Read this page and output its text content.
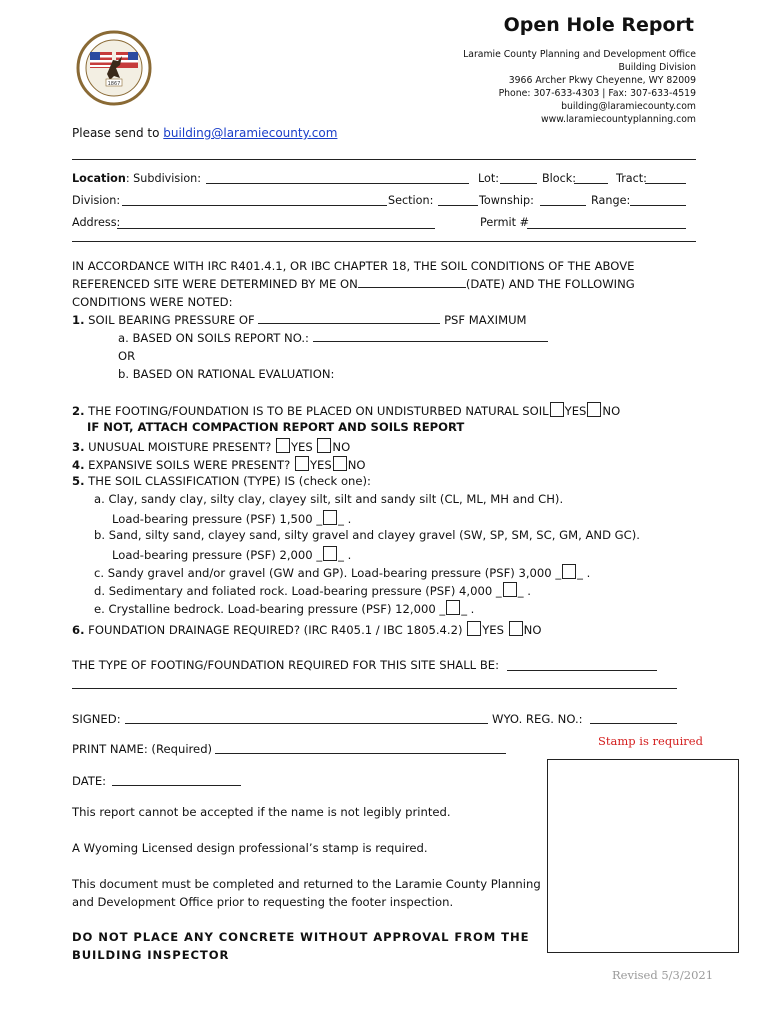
1867
Open Hole Report
Laramie County Planning and Development Office
Building Division
3966 Archer Pkwy Cheyenne, WY 82009
Phone: 307-633-4303 | Fax: 307-633-4519
building@laramiecounty.com
www.laramiecountyplanning.com
Please send to building@laramiecounty.com
Location: Subdivision:	Lot:	Block:	Tract:
Division:	Section:	Township:	Range:
Address:	Permit #
IN ACCORDANCE WITH IRC R401.4.1, OR IBC CHAPTER 18, THE SOIL CONDITIONS OF THE ABOVE
REFERENCED SITE WERE DETERMINED BY ME ON	(DATE) AND THE FOLLOWING
CONDITIONS WERE NOTED:
1. SOIL BEARING PRESSURE OF	PSF MAXIMUM
a. BASED ON SOILS REPORT NO.:
OR
b. BASED ON RATIONAL EVALUATION:
2. THE FOOTING/FOUNDATION IS TO BE PLACED ON UNDISTURBED NATURAL SOIL YES NO
IF NOT, ATTACH COMPACTION REPORT AND SOILS REPORT
3. UNUSUAL MOISTURE PRESENT? YES NO
4. EXPANSIVE SOILS WERE PRESENT? YES NO
5. THE SOIL CLASSIFICATION (TYPE) IS (check one):
a. Clay, sandy clay, silty clay, clayey silt, silt and sandy silt (CL, ML, MH and CH).
Load-bearing pressure (PSF) 1,500 _ _ .
b. Sand, silty sand, clayey sand, silty gravel and clayey gravel (SW, SP, SM, SC, GM, AND GC).
Load-bearing pressure (PSF) 2,000 _ _ .
c. Sandy gravel and/or gravel (GW and GP). Load-bearing pressure (PSF) 3,000 _ _ .
d. Sedimentary and foliated rock. Load-bearing pressure (PSF) 4,000 _ _ .
e. Crystalline bedrock. Load-bearing pressure (PSF) 12,000 _ _ .
6. FOUNDATION DRAINAGE REQUIRED? (IRC R405.1 / IBC 1805.4.2) YES NO
THE TYPE OF FOOTING/FOUNDATION REQUIRED FOR THIS SITE SHALL BE:
SIGNED:	WYO. REG. NO.:
Stamp is required
PRINT NAME: (Required)
DATE:
This report cannot be accepted if the name is not legibly printed.
A Wyoming Licensed design professional’s stamp is required.
This document must be completed and returned to the Laramie County Planning
and Development Office prior to requesting the footer inspection.
DO NOT PLACE ANY CONCRETE WITHOUT APPROVAL FROM THE
BUILDING INSPECTOR
Revised 5/3/2021
